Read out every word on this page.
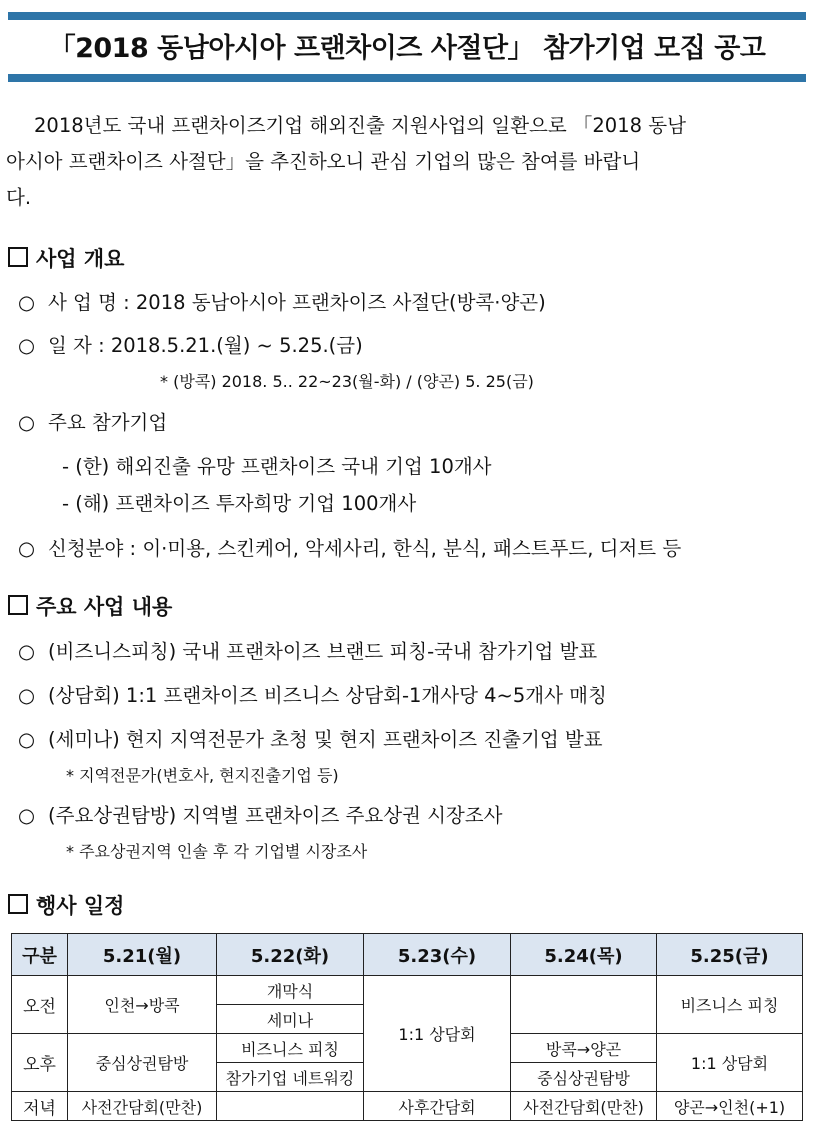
「2018 동남아시아 프랜차이즈 사절단」 참가기업 모집 공고
2018년도 국내 프랜차이즈기업 해외진출 지원사업의 일환으로 「2018 동남
아시아 프랜차이즈 사절단」을 추진하오니 관심 기업의 많은 참여를 바랍니
다.
사업 개요
○ 사 업 명 : 2018 동남아시아 프랜차이즈 사절단(방콕·양곤)
○ 일 자 : 2018.5.21.(월) ~ 5.25.(금)
* (방콕) 2018. 5.. 22~23(월-화) / (양곤) 5. 25(금)
○ 주요 참가기업
- (한) 해외진출 유망 프랜차이즈 국내 기업 10개사
- (해) 프랜차이즈 투자희망 기업 100개사
○ 신청분야 : 이·미용, 스킨케어, 악세사리, 한식, 분식, 패스트푸드, 디저트 등
주요 사업 내용
○ (비즈니스피칭) 국내 프랜차이즈 브랜드 피칭-국내 참가기업 발표
○ (상담회) 1:1 프랜차이즈 비즈니스 상담회-1개사당 4~5개사 매칭
○ (세미나) 현지 지역전문가 초청 및 현지 프랜차이즈 진출기업 발표
* 지역전문가(변호사, 현지진출기업 등)
○ (주요상권탐방) 지역별 프랜차이즈 주요상권 시장조사
* 주요상권지역 인솔 후 각 기업별 시장조사
행사 일정
구분	5.21(월)	5.22(화)	5.23(수)	5.24(목)	5.25(금)
오전	인천→방콕	개막식	1:1 상담회		비즈니스 피칭
		세미나			
오후	중심상권탐방	비즈니스 피칭		방콕→양곤	1:1 상담회
		참가기업 네트워킹		중심상권탐방	
저녁	사전간담회(만찬)		사후간담회	사전간담회(만찬)	양곤→인천(+1)
